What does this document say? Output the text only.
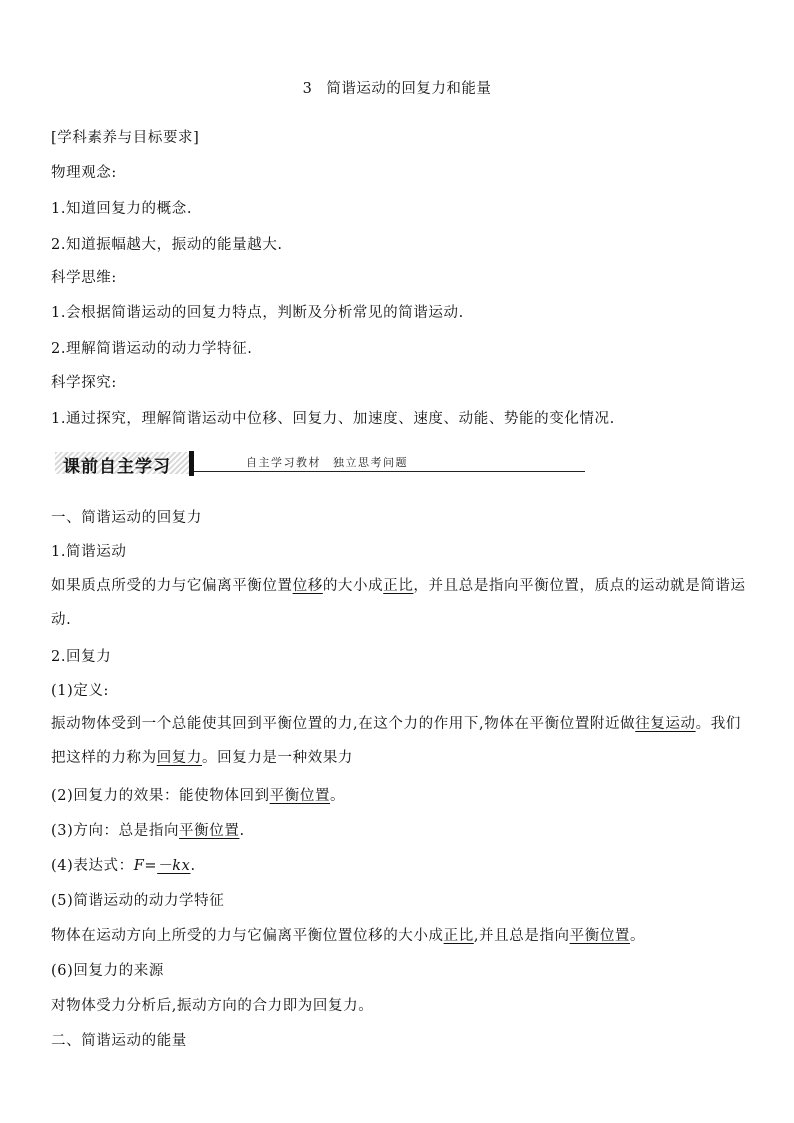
3 简谐运动的回复力和能量
[学科素养与目标要求]
物理观念:
1.知道回复力的概念.
2.知道振幅越大，振动的能量越大.
科学思维:
1.会根据简谐运动的回复力特点，判断及分析常见的简谐运动.
2.理解简谐运动的动力学特征.
科学探究:
1.通过探究，理解简谐运动中位移、回复力、加速度、速度、动能、势能的变化情况.
课前自主学习	自主学习教材 独立思考问题
一、简谐运动的回复力
1.简谐运动
如果质点所受的力与它偏离平衡位置位移的大小成正比，并且总是指向平衡位置，质点的运动就是简谐运动.
2.回复力
(1)定义:
振动物体受到一个总能使其回到平衡位置的力,在这个力的作用下,物体在平衡位置附近做往复运动。我们把这样的力称为回复力。回复力是一种效果力
(2)回复力的效果：能使物体回到平衡位置。
(3)方向：总是指向平衡位置.
(4)表达式：F=－kx.
(5)简谐运动的动力学特征
物体在运动方向上所受的力与它偏离平衡位置位移的大小成正比,并且总是指向平衡位置。
(6)回复力的来源
对物体受力分析后,振动方向的合力即为回复力。
二、简谐运动的能量
